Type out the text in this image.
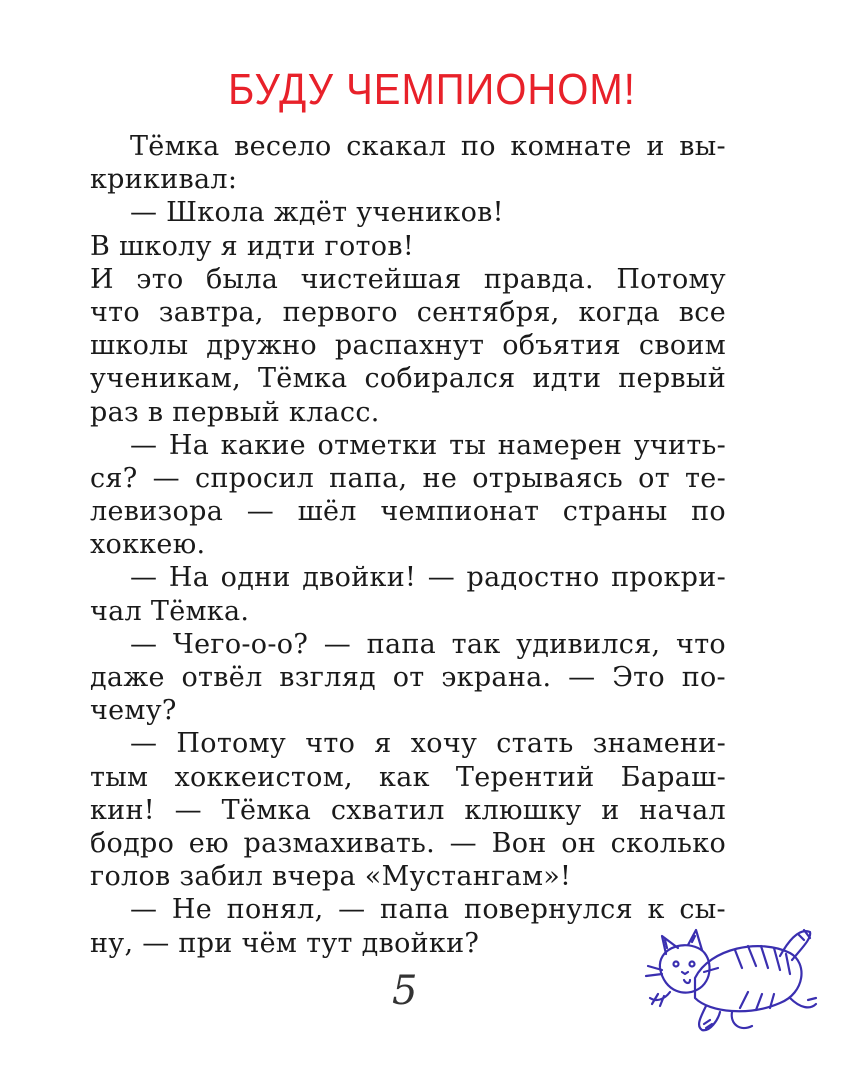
БУДУ ЧЕМПИОНОМ!
Тёмка весело скакал по комнате и вы-
крикивал:
— Школа ждёт учеников!
В школу я идти готов!
И это была чистейшая правда. Потому
что завтра, первого сентября, когда все
школы дружно распахнут объятия своим
ученикам, Тёмка собирался идти первый
раз в первый класс.
— На какие отметки ты намерен учить-
ся? — спросил папа, не отрываясь от те-
левизора — шёл чемпионат страны по
хоккею.
— На одни двойки! — радостно прокри-
чал Тёмка.
— Чего-о-о? — папа так удивился, что
даже отвёл взгляд от экрана. — Это по-
чему?
— Потому что я хочу стать знамени-
тым хоккеистом, как Терентий Бараш-
кин! — Тёмка схватил клюшку и начал
бодро ею размахивать. — Вон он сколько
голов забил вчера «Мустангам»!
— Не понял, — папа повернулся к сы-
ну, — при чём тут двойки?
5
